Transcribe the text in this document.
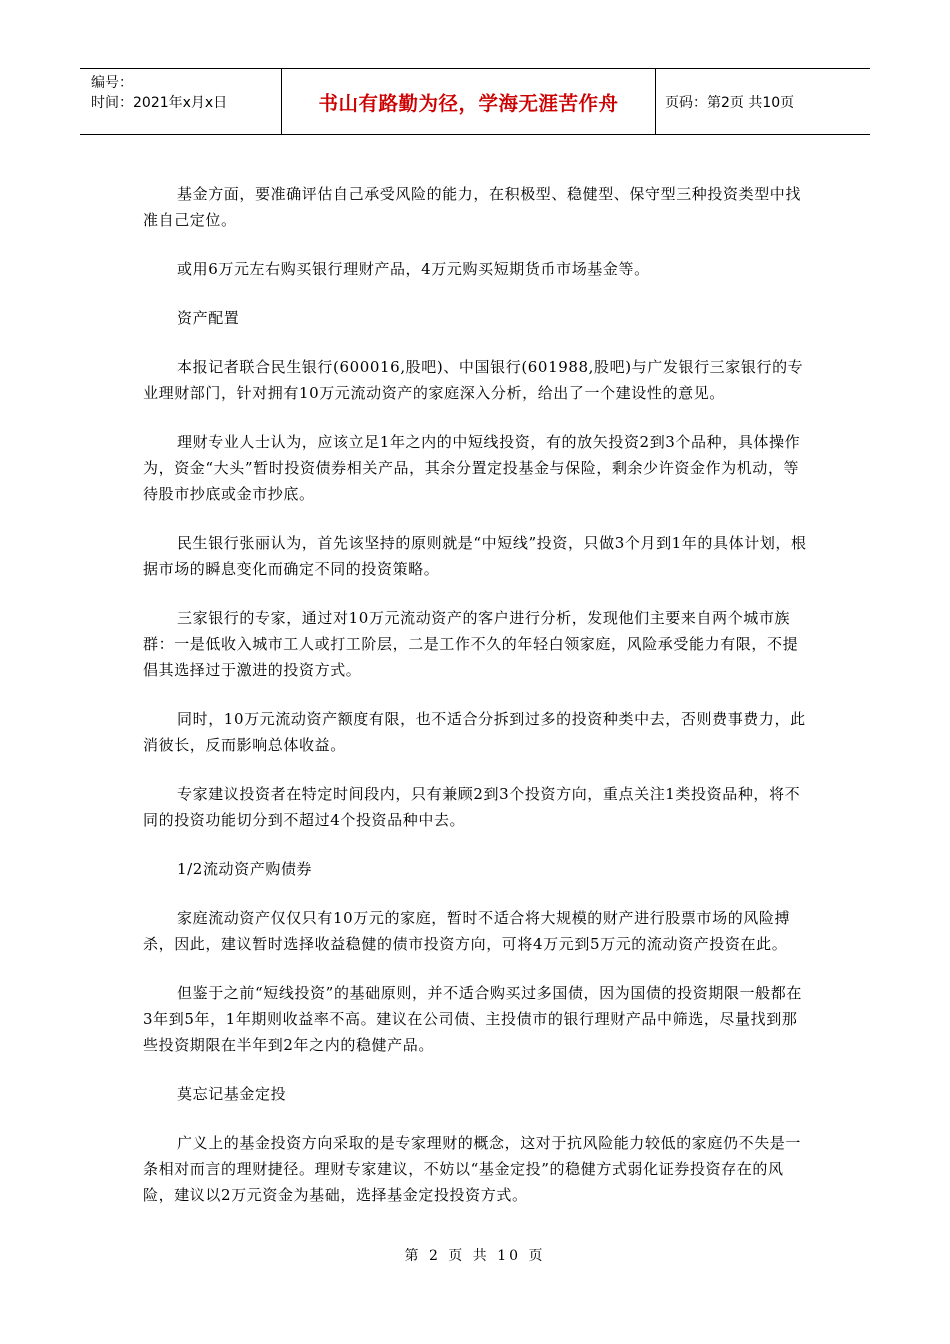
编号：
时间：2021年x月x日	书山有路勤为径，学海无涯苦作舟	页码：第2页 共10页

基金方面，要准确评估自己承受风险的能力，在积极型、稳健型、保守型三种投资类型中找准自己定位。

或用6万元左右购买银行理财产品，4万元购买短期货币市场基金等。

资产配置

本报记者联合民生银行(600016,股吧)、中国银行(601988,股吧)与广发银行三家银行的专业理财部门，针对拥有10万元流动资产的家庭深入分析，给出了一个建设性的意见。

理财专业人士认为，应该立足1年之内的中短线投资，有的放矢投资2到3个品种，具体操作为，资金“大头”暂时投资债券相关产品，其余分置定投基金与保险，剩余少许资金作为机动，等待股市抄底或金市抄底。

民生银行张丽认为，首先该坚持的原则就是“中短线”投资，只做3个月到1年的具体计划，根据市场的瞬息变化而确定不同的投资策略。

三家银行的专家，通过对10万元流动资产的客户进行分析，发现他们主要来自两个城市族群：一是低收入城市工人或打工阶层，二是工作不久的年轻白领家庭，风险承受能力有限，不提倡其选择过于激进的投资方式。

同时，10万元流动资产额度有限，也不适合分拆到过多的投资种类中去，否则费事费力，此消彼长，反而影响总体收益。

专家建议投资者在特定时间段内，只有兼顾2到3个投资方向，重点关注1类投资品种，将不同的投资功能切分到不超过4个投资品种中去。

1/2流动资产购债券

家庭流动资产仅仅只有10万元的家庭，暂时不适合将大规模的财产进行股票市场的风险搏杀，因此，建议暂时选择收益稳健的债市投资方向，可将4万元到5万元的流动资产投资在此。

但鉴于之前“短线投资”的基础原则，并不适合购买过多国债，因为国债的投资期限一般都在3年到5年，1年期则收益率不高。建议在公司债、主投债市的银行理财产品中筛选，尽量找到那些投资期限在半年到2年之内的稳健产品。

莫忘记基金定投

广义上的基金投资方向采取的是专家理财的概念，这对于抗风险能力较低的家庭仍不失是一条相对而言的理财捷径。理财专家建议，不妨以“基金定投”的稳健方式弱化证券投资存在的风险，建议以2万元资金为基础，选择基金定投投资方式。

第 2 页 共 10 页
